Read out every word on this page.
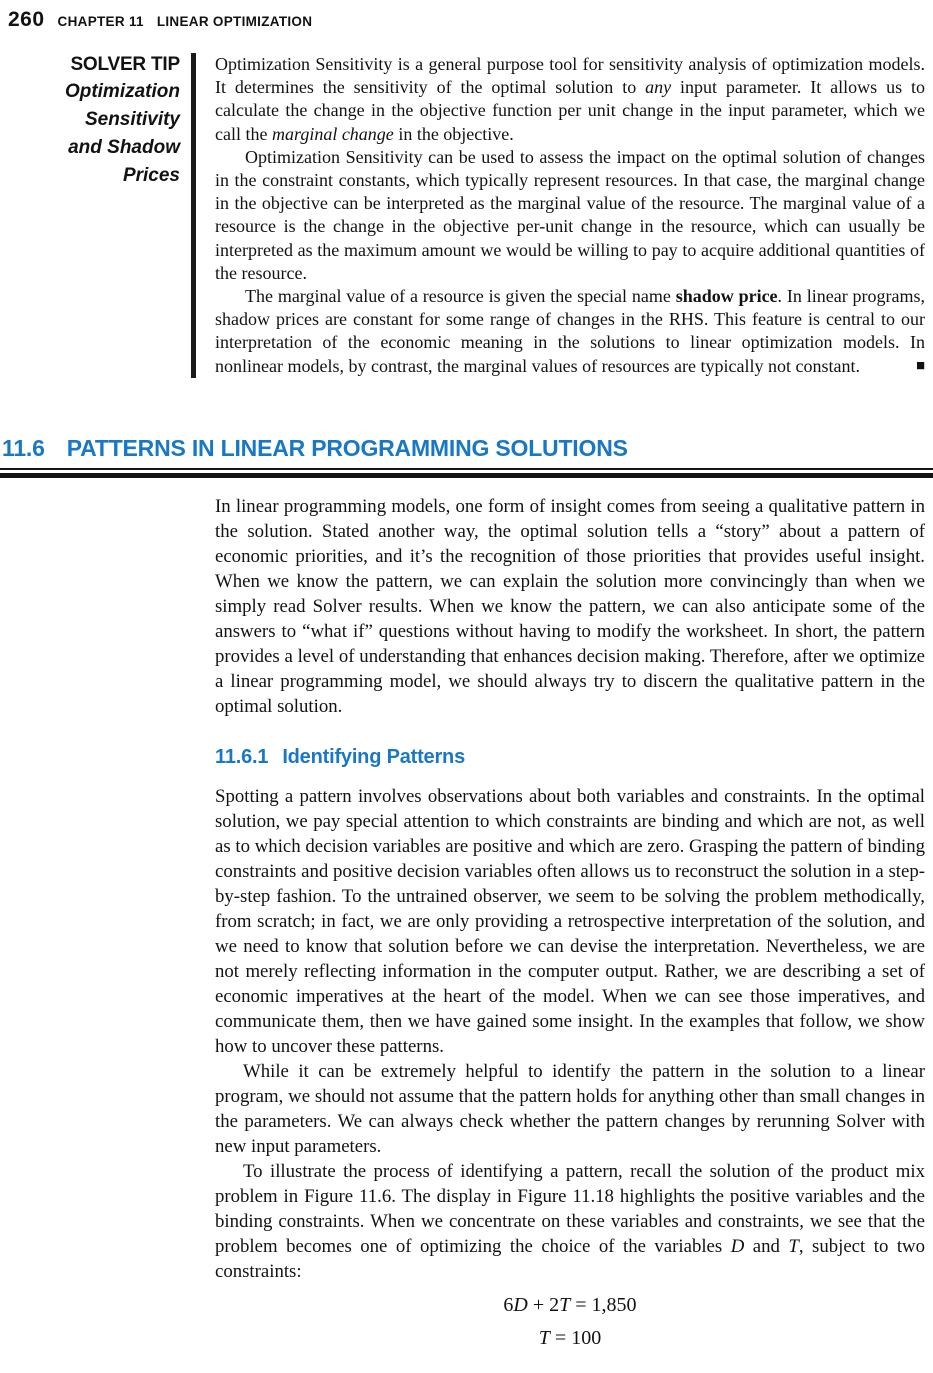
260 CHAPTER 11 LINEAR OPTIMIZATION
SOLVER TIP
Optimization Sensitivity and Shadow Prices

Optimization Sensitivity is a general purpose tool for sensitivity analysis of optimization models. It determines the sensitivity of the optimal solution to any input parameter. It allows us to calculate the change in the objective function per unit change in the input parameter, which we call the marginal change in the objective.

Optimization Sensitivity can be used to assess the impact on the optimal solution of changes in the constraint constants, which typically represent resources. In that case, the marginal change in the objective can be interpreted as the marginal value of the resource. The marginal value of a resource is the change in the objective per-unit change in the resource, which can usually be interpreted as the maximum amount we would be willing to pay to acquire additional quantities of the resource.

The marginal value of a resource is given the special name shadow price. In linear programs, shadow prices are constant for some range of changes in the RHS. This feature is central to our interpretation of the economic meaning in the solutions to linear optimization models. In nonlinear models, by contrast, the marginal values of resources are typically not constant.	■

11.6 PATTERNS IN LINEAR PROGRAMMING SOLUTIONS

In linear programming models, one form of insight comes from seeing a qualitative pattern in the solution. Stated another way, the optimal solution tells a “story” about a pattern of economic priorities, and it’s the recognition of those priorities that provides useful insight. When we know the pattern, we can explain the solution more convincingly than when we simply read Solver results. When we know the pattern, we can also anticipate some of the answers to “what if” questions without having to modify the worksheet. In short, the pattern provides a level of understanding that enhances decision making. Therefore, after we optimize a linear programming model, we should always try to discern the qualitative pattern in the optimal solution.

11.6.1 Identifying Patterns

Spotting a pattern involves observations about both variables and constraints. In the optimal solution, we pay special attention to which constraints are binding and which are not, as well as to which decision variables are positive and which are zero. Grasping the pattern of binding constraints and positive decision variables often allows us to reconstruct the solution in a step-by-step fashion. To the untrained observer, we seem to be solving the problem methodically, from scratch; in fact, we are only providing a retrospective interpretation of the solution, and we need to know that solution before we can devise the interpretation. Nevertheless, we are not merely reflecting information in the computer output. Rather, we are describing a set of economic imperatives at the heart of the model. When we can see those imperatives, and communicate them, then we have gained some insight. In the examples that follow, we show how to uncover these patterns.

While it can be extremely helpful to identify the pattern in the solution to a linear program, we should not assume that the pattern holds for anything other than small changes in the parameters. We can always check whether the pattern changes by rerunning Solver with new input parameters.

To illustrate the process of identifying a pattern, recall the solution of the product mix problem in Figure 11.6. The display in Figure 11.18 highlights the positive variables and the binding constraints. When we concentrate on these variables and constraints, we see that the problem becomes one of optimizing the choice of the variables D and T, subject to two constraints:

6D + 2T = 1,850
T = 100
